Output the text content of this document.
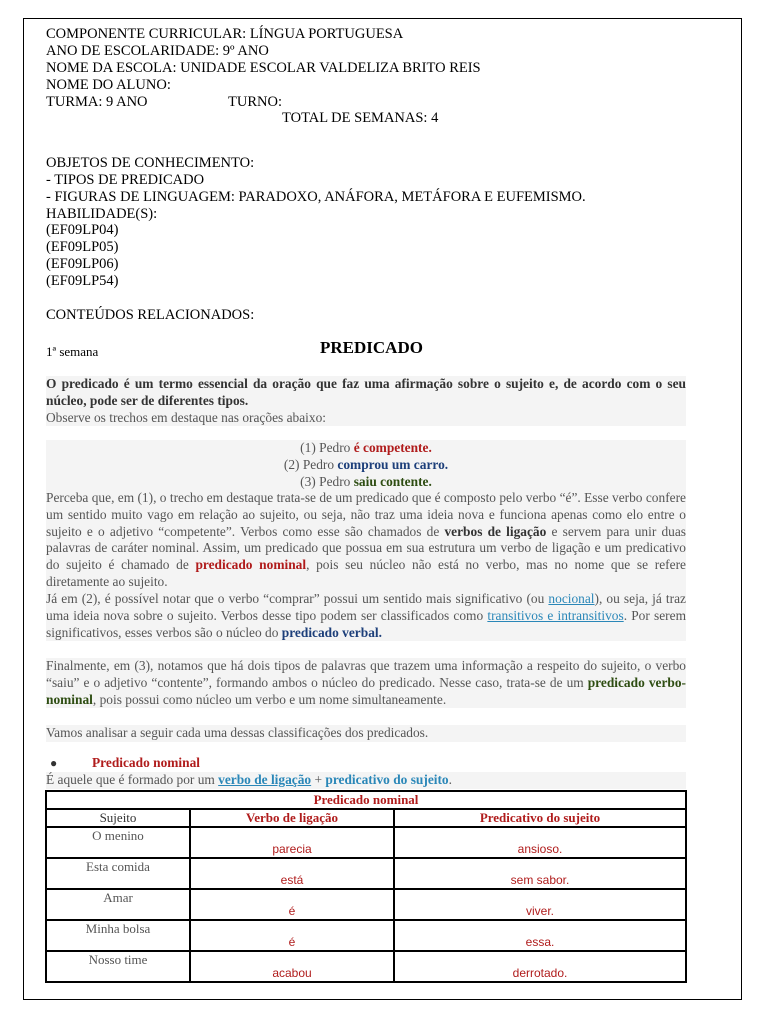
COMPONENTE CURRICULAR: LÍNGUA PORTUGUESA
ANO DE ESCOLARIDADE: 9º ANO
NOME DA ESCOLA: UNIDADE ESCOLAR VALDELIZA BRITO REIS
NOME DO ALUNO:
TURMA: 9 ANO	TURNO:
TOTAL DE SEMANAS: 4
OBJETOS DE CONHECIMENTO:
- TIPOS DE PREDICADO
- FIGURAS DE LINGUAGEM: PARADOXO, ANÁFORA, METÁFORA E EUFEMISMO.
HABILIDADE(S):
(EF09LP04)
(EF09LP05)
(EF09LP06)
(EF09LP54)
CONTEÚDOS RELACIONADOS:
1ª semana	PREDICADO
O predicado é um termo essencial da oração que faz uma afirmação sobre o sujeito e, de acordo com o seu núcleo, pode ser de diferentes tipos.
Observe os trechos em destaque nas orações abaixo:
(1) Pedro é competente.
(2) Pedro comprou um carro.
(3) Pedro saiu contente.
Perceba que, em (1), o trecho em destaque trata-se de um predicado que é composto pelo verbo “é”. Esse verbo confere um sentido muito vago em relação ao sujeito, ou seja, não traz uma ideia nova e funciona apenas como elo entre o sujeito e o adjetivo “competente”. Verbos como esse são chamados de verbos de ligação e servem para unir duas palavras de caráter nominal. Assim, um predicado que possua em sua estrutura um verbo de ligação e um predicativo do sujeito é chamado de predicado nominal, pois seu núcleo não está no verbo, mas no nome que se refere diretamente ao sujeito.
Já em (2), é possível notar que o verbo “comprar” possui um sentido mais significativo (ou nocional), ou seja, já traz uma ideia nova sobre o sujeito. Verbos desse tipo podem ser classificados como transitivos e intransitivos. Por serem significativos, esses verbos são o núcleo do predicado verbal.
Finalmente, em (3), notamos que há dois tipos de palavras que trazem uma informação a respeito do sujeito, o verbo “saiu” e o adjetivo “contente”, formando ambos o núcleo do predicado. Nesse caso, trata-se de um predicado verbo-nominal, pois possui como núcleo um verbo e um nome simultaneamente.
Vamos analisar a seguir cada uma dessas classificações dos predicados.
●	Predicado nominal
É aquele que é formado por um verbo de ligação + predicativo do sujeito.
Predicado nominal		
Sujeito	Verbo de ligação	Predicativo do sujeito
O menino	parecia	ansioso.
Esta comida	está	sem sabor.
Amar	é	viver.
Minha bolsa	é	essa.
Nosso time	acabou	derrotado.
